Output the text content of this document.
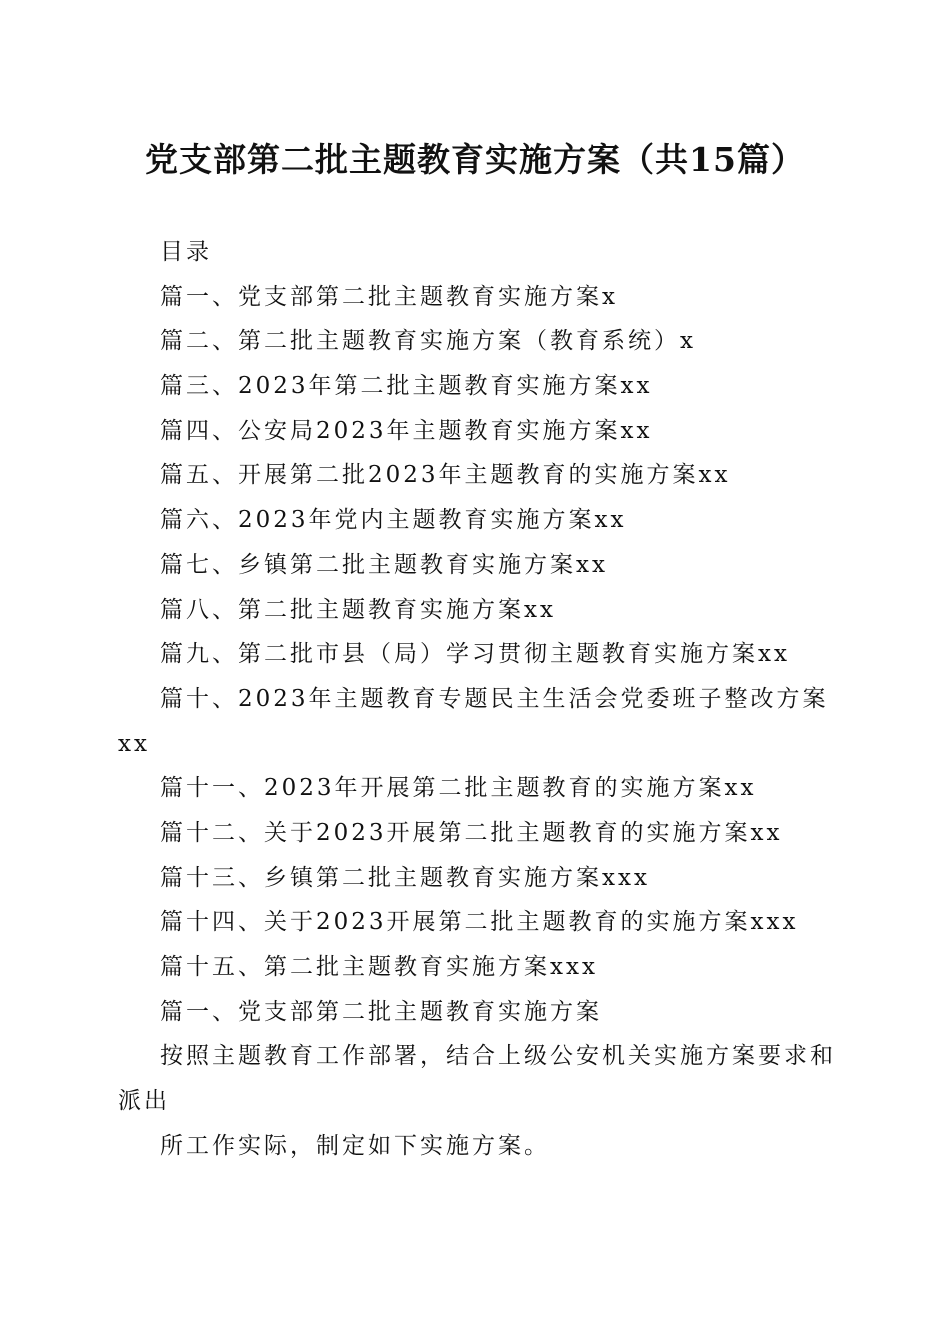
党支部第二批主题教育实施方案（共15篇）
目录
篇一、党支部第二批主题教育实施方案x
篇二、第二批主题教育实施方案（教育系统）x
篇三、2023年第二批主题教育实施方案xx
篇四、公安局2023年主题教育实施方案xx
篇五、开展第二批2023年主题教育的实施方案xx
篇六、2023年党内主题教育实施方案xx
篇七、乡镇第二批主题教育实施方案xx
篇八、第二批主题教育实施方案xx
篇九、第二批市县（局）学习贯彻主题教育实施方案xx
篇十、2023年主题教育专题民主生活会党委班子整改方案
xx
篇十一、2023年开展第二批主题教育的实施方案xx
篇十二、关于2023开展第二批主题教育的实施方案xx
篇十三、乡镇第二批主题教育实施方案xxx
篇十四、关于2023开展第二批主题教育的实施方案xxx
篇十五、第二批主题教育实施方案xxx
篇一、党支部第二批主题教育实施方案
按照主题教育工作部署，结合上级公安机关实施方案要求和
派出
所工作实际，制定如下实施方案。
